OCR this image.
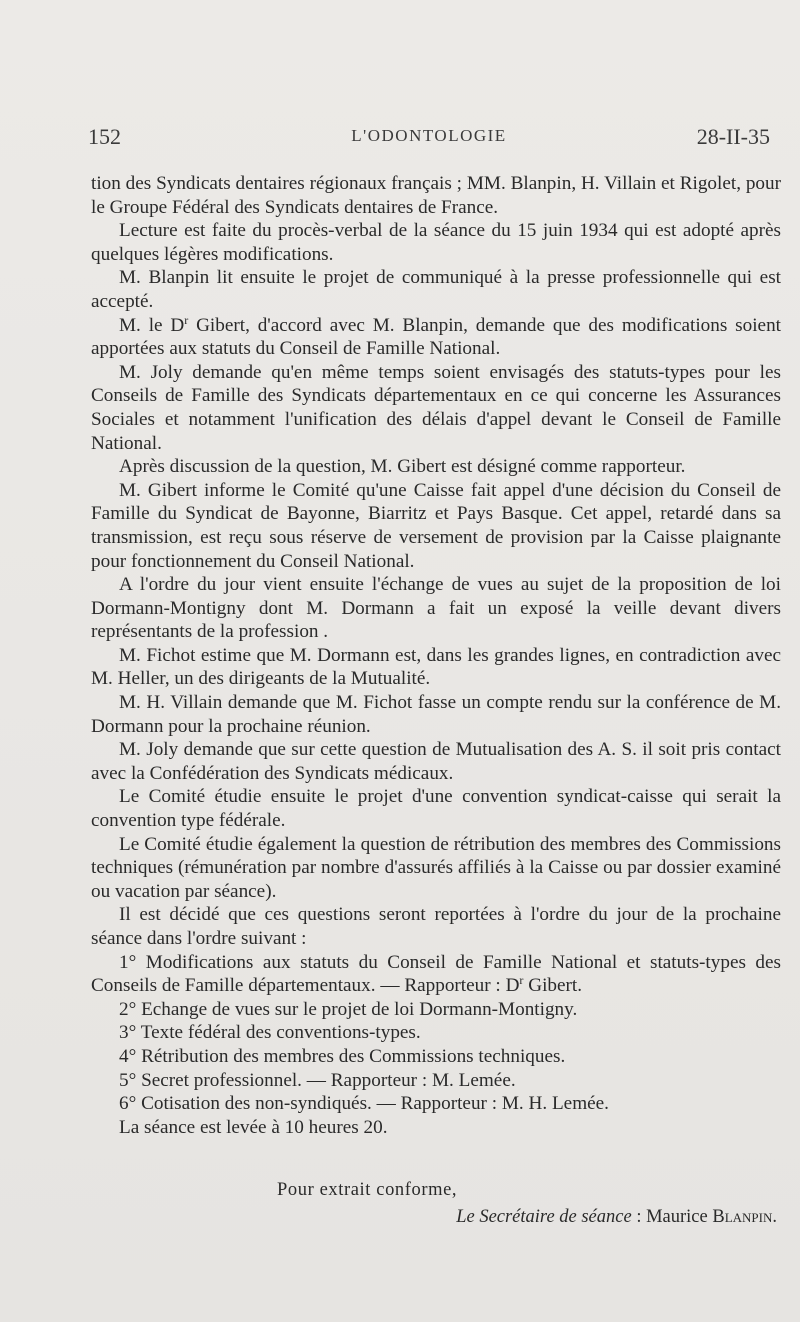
152	L'ODONTOLOGIE	28-II-35

tion des Syndicats dentaires régionaux français ; MM. Blanpin, H. Villain et Rigolet, pour le Groupe Fédéral des Syndicats dentaires de France.

Lecture est faite du procès-verbal de la séance du 15 juin 1934 qui est adopté après quelques légères modifications.

M. Blanpin lit ensuite le projet de communiqué à la presse professionnelle qui est accepté.

M. le $D^r$ Gibert, d'accord avec M. Blanpin, demande que des modifications soient apportées aux statuts du Conseil de Famille National.

M. Joly demande qu'en même temps soient envisagés des statuts-types pour les Conseils de Famille des Syndicats départementaux en ce qui concerne les Assurances Sociales et notamment l'unification des délais d'appel devant le Conseil de Famille National.

Après discussion de la question, M. Gibert est désigné comme rapporteur.

M. Gibert informe le Comité qu'une Caisse fait appel d'une décision du Conseil de Famille du Syndicat de Bayonne, Biarritz et Pays Basque. Cet appel, retardé dans sa transmission, est reçu sous réserve de versement de provision par la Caisse plaignante pour fonctionnement du Conseil National.

A l'ordre du jour vient ensuite l'échange de vues au sujet de la proposition de loi Dormann-Montigny dont M. Dormann a fait un exposé la veille devant divers représentants de la profession .

M. Fichot estime que M. Dormann est, dans les grandes lignes, en contradiction avec M. Heller, un des dirigeants de la Mutualité.

M. H. Villain demande que M. Fichot fasse un compte rendu sur la conférence de M. Dormann pour la prochaine réunion.

M. Joly demande que sur cette question de Mutualisation des A. S. il soit pris contact avec la Confédération des Syndicats médicaux.

Le Comité étudie ensuite le projet d'une convention syndicat-caisse qui serait la convention type fédérale.

Le Comité étudie également la question de rétribution des membres des Commissions techniques (rémunération par nombre d'assurés affiliés à la Caisse ou par dossier examiné ou vacation par séance).

Il est décidé que ces questions seront reportées à l'ordre du jour de la prochaine séance dans l'ordre suivant :

1° Modifications aux statuts du Conseil de Famille National et statuts-types des Conseils de Famille départementaux. — Rapporteur : $D^r$ Gibert.

2° Echange de vues sur le projet de loi Dormann-Montigny.

3° Texte fédéral des conventions-types.

4° Rétribution des membres des Commissions techniques.

5° Secret professionnel. — Rapporteur : M. Lemée.

6° Cotisation des non-syndiqués. — Rapporteur : M. H. Lemée.

La séance est levée à 10 heures 20.

Pour extrait conforme,
Le Secrétaire de séance : Maurice Blanpin.
